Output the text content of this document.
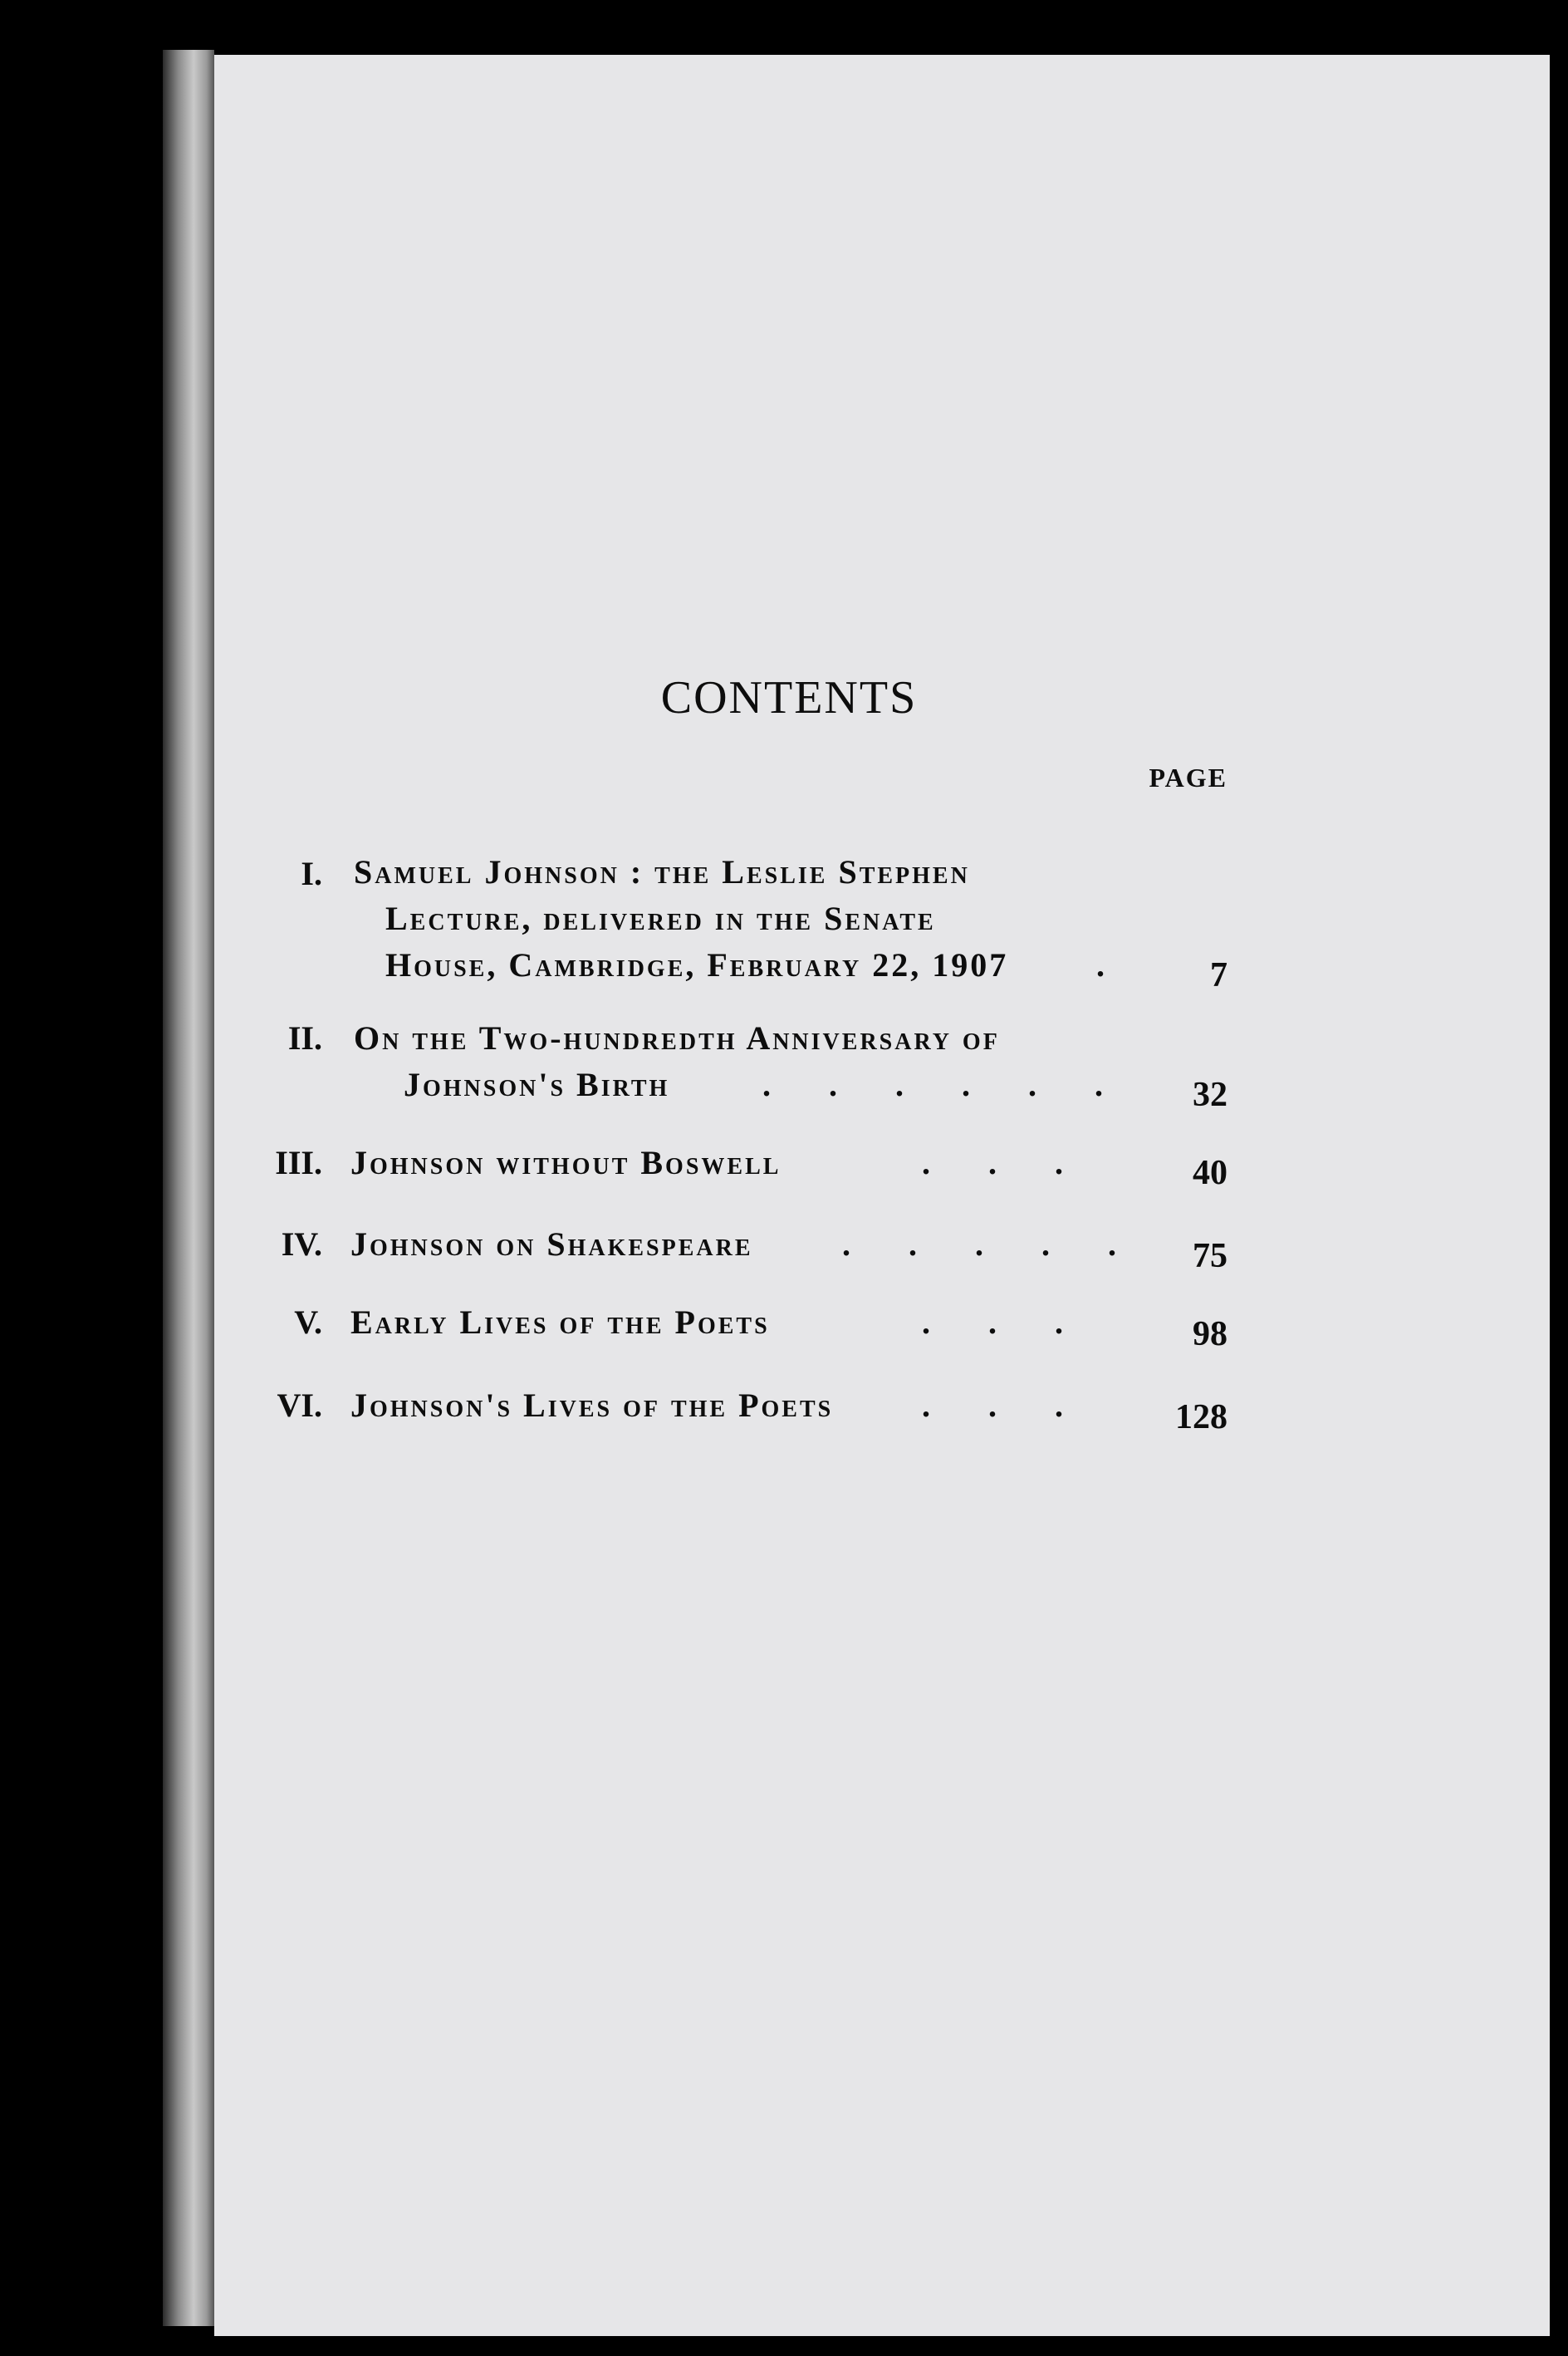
CONTENTS
PAGE
I. Samuel Johnson : the Leslie Stephen
Lecture, delivered in the Senate
House, Cambridge, February 22, 1907	.	7
II. On the Two-hundredth Anniversary of
Johnson's Birth	. . . . . .	32
III. Johnson without Boswell	. . .	40
IV. Johnson on Shakespeare	. . . . .	75
V. Early Lives of the Poets	. . .	98
VI. Johnson's Lives of the Poets	. . .	128
